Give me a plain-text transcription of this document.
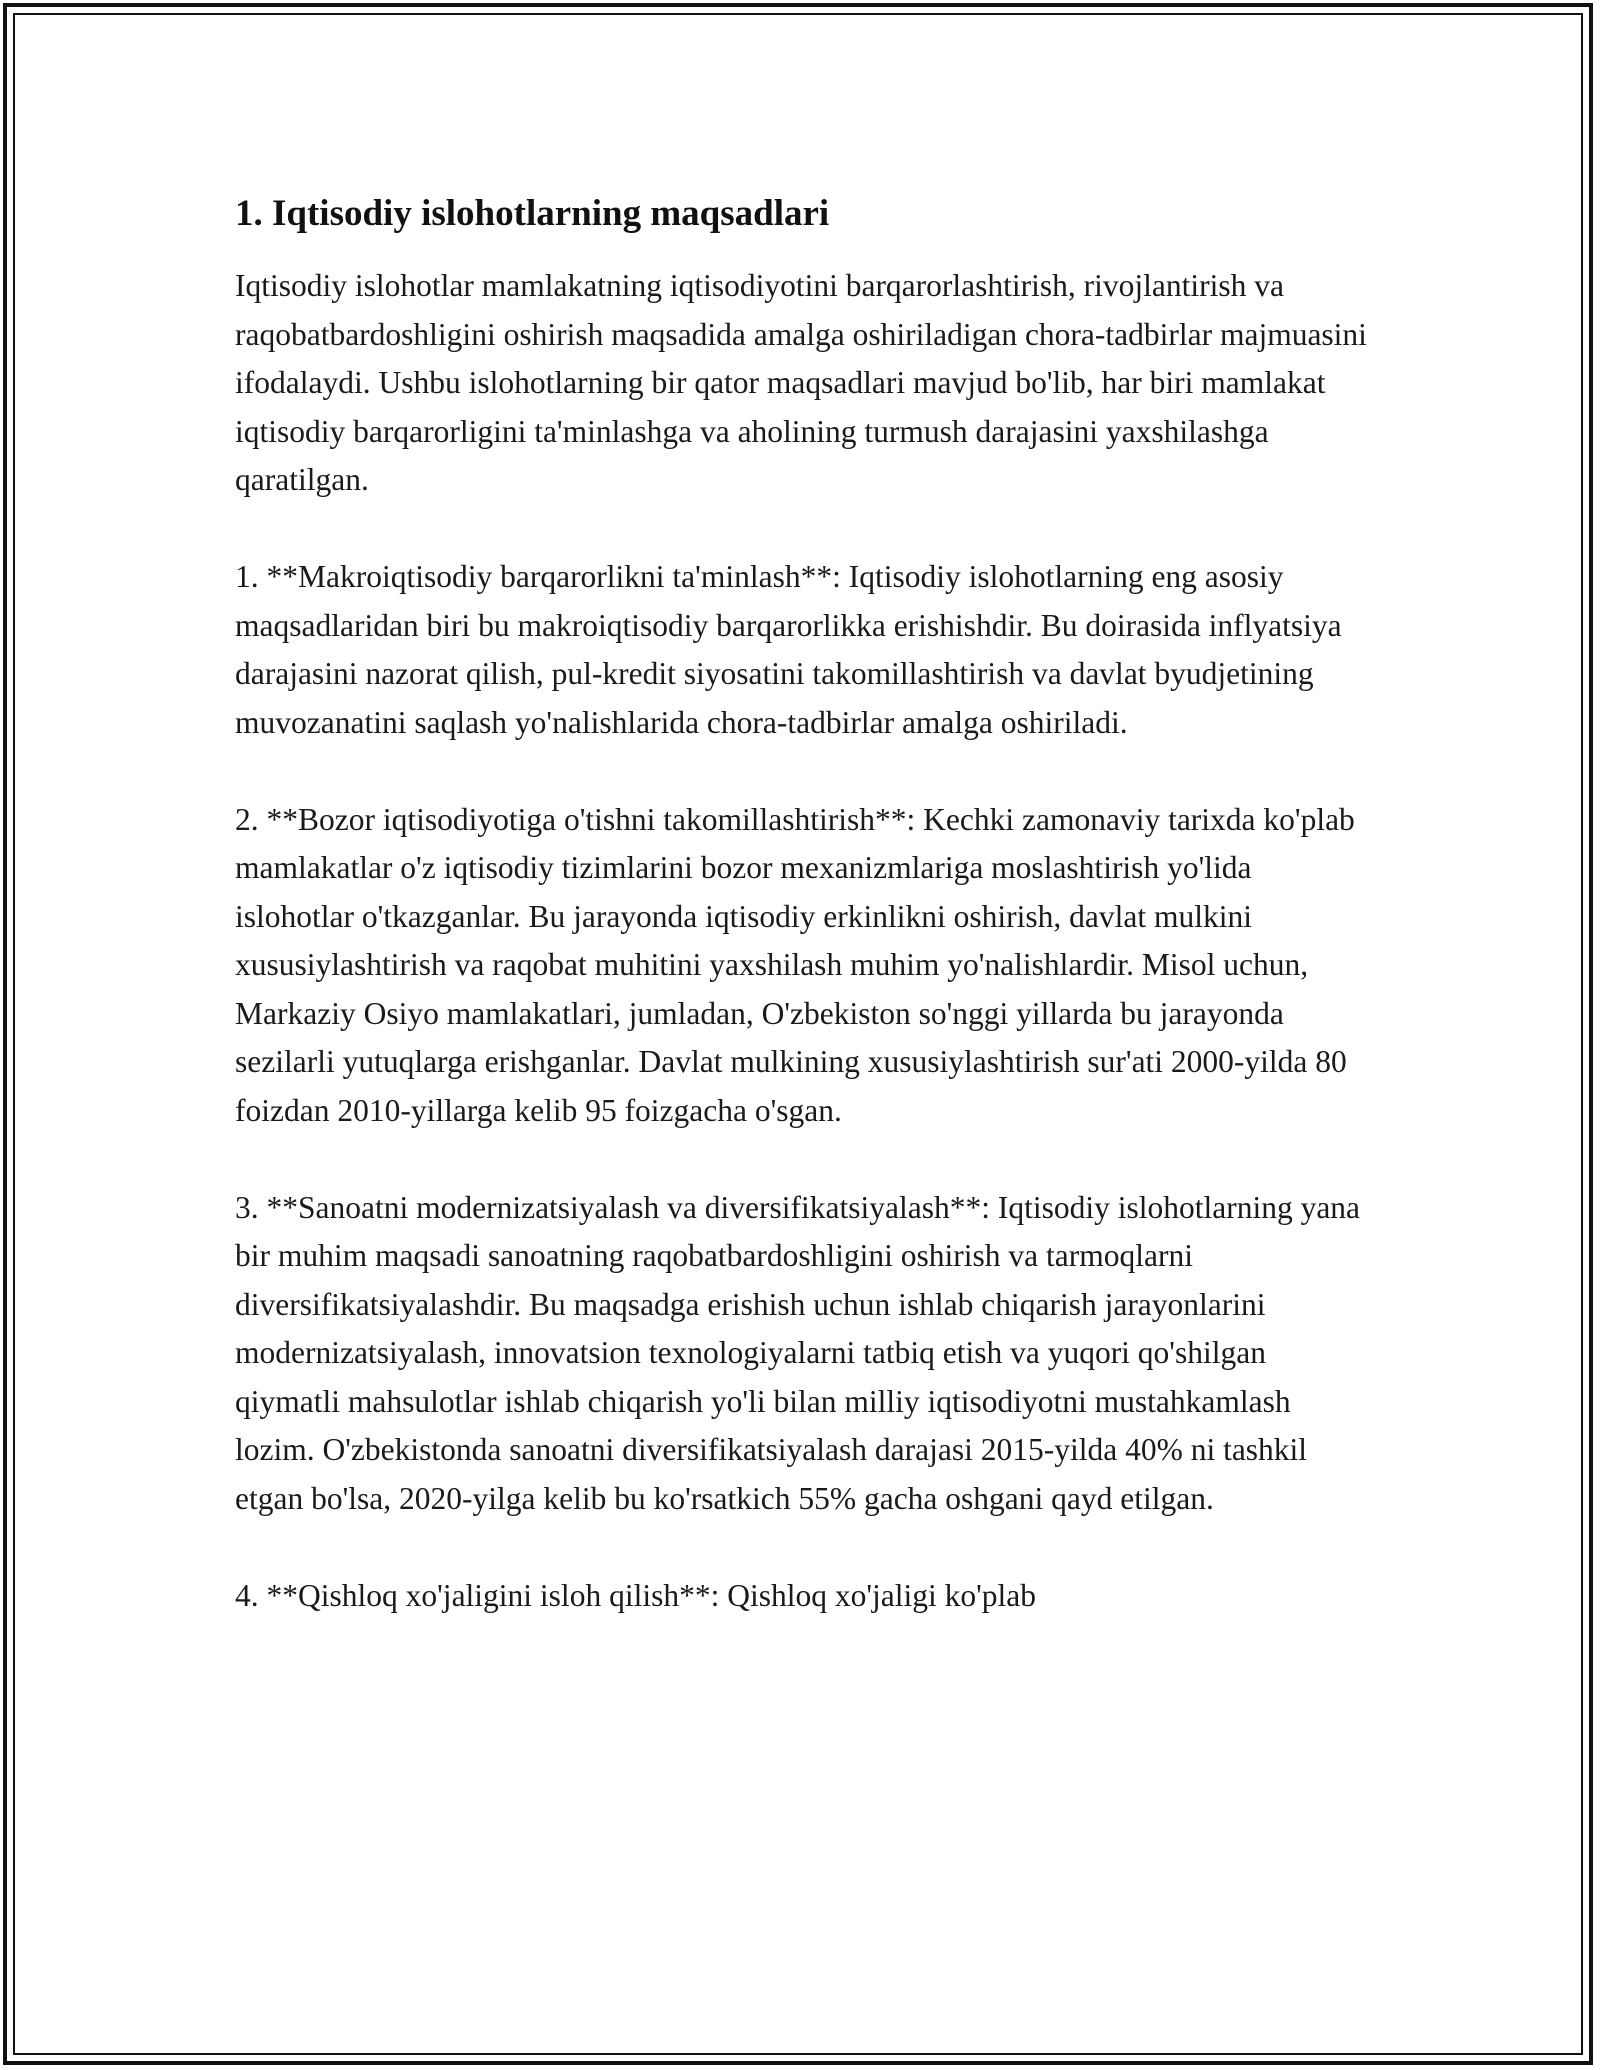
1. Iqtisodiy islohotlarning maqsadlari

Iqtisodiy islohotlar mamlakatning iqtisodiyotini barqarorlashtirish, rivojlantirish va raqobatbardoshligini oshirish maqsadida amalga oshiriladigan chora-tadbirlar majmuasini ifodalaydi. Ushbu islohotlarning bir qator maqsadlari mavjud bo'lib, har biri mamlakat iqtisodiy barqarorligini ta'minlashga va aholining turmush darajasini yaxshilashga qaratilgan.

1. **Makroiqtisodiy barqarorlikni ta'minlash**: Iqtisodiy islohotlarning eng asosiy maqsadlaridan biri bu makroiqtisodiy barqarorlikka erishishdir. Bu doirasida inflyatsiya darajasini nazorat qilish, pul-kredit siyosatini takomillashtirish va davlat byudjetining muvozanatini saqlash yo'nalishlarida chora-tadbirlar amalga oshiriladi.

2. **Bozor iqtisodiyotiga o'tishni takomillashtirish**: Kechki zamonaviy tarixda ko'plab mamlakatlar o'z iqtisodiy tizimlarini bozor mexanizmlariga moslashtirish yo'lida islohotlar o'tkazganlar. Bu jarayonda iqtisodiy erkinlikni oshirish, davlat mulkini xususiylashtirish va raqobat muhitini yaxshilash muhim yo'nalishlardir. Misol uchun, Markaziy Osiyo mamlakatlari, jumladan, O'zbekiston so'nggi yillarda bu jarayonda sezilarli yutuqlarga erishganlar. Davlat mulkining xususiylashtirish sur'ati 2000-yilda 80 foizdan 2010-yillarga kelib 95 foizgacha o'sgan.

3. **Sanoatni modernizatsiyalash va diversifikatsiyalash**: Iqtisodiy islohotlarning yana bir muhim maqsadi sanoatning raqobatbardoshligini oshirish va tarmoqlarni diversifikatsiyalashdir. Bu maqsadga erishish uchun ishlab chiqarish jarayonlarini modernizatsiyalash, innovatsion texnologiyalarni tatbiq etish va yuqori qo'shilgan qiymatli mahsulotlar ishlab chiqarish yo'li bilan milliy iqtisodiyotni mustahkamlash lozim. O'zbekistonda sanoatni diversifikatsiyalash darajasi 2015-yilda 40% ni tashkil etgan bo'lsa, 2020-yilga kelib bu ko'rsatkich 55% gacha oshgani qayd etilgan.

4. **Qishloq xo'jaligini isloh qilish**: Qishloq xo'jaligi ko'plab
